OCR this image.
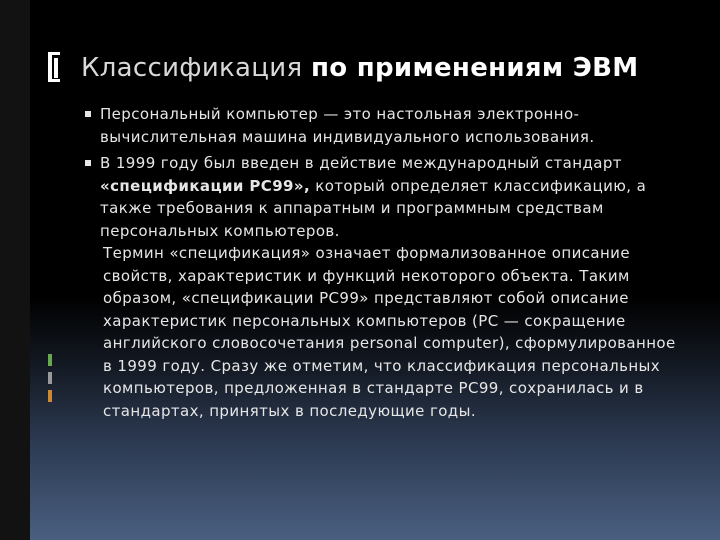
Классификация по применениям ЭВМ
Персональный компьютер — это настольная электронно-вычислительная машина индивидуального использования.
В 1999 году был введен в действие международный стандарт «спецификации PC99», который определяет классификацию, а также требования к аппаратным и программным средствам персональных компьютеров.
Термин «спецификация» означает формализованное описание свойств, характеристик и функций некоторого объекта. Таким образом, «спецификации PC99» представляют собой описание характеристик персональных компьютеров (PC — сокращение английского словосочетания personal computer), сформулированное в 1999 году. Сразу же отметим, что классификация персональных компьютеров, предложенная в стандарте PC99, сохранилась и в стандартах, принятых в последующие годы.
